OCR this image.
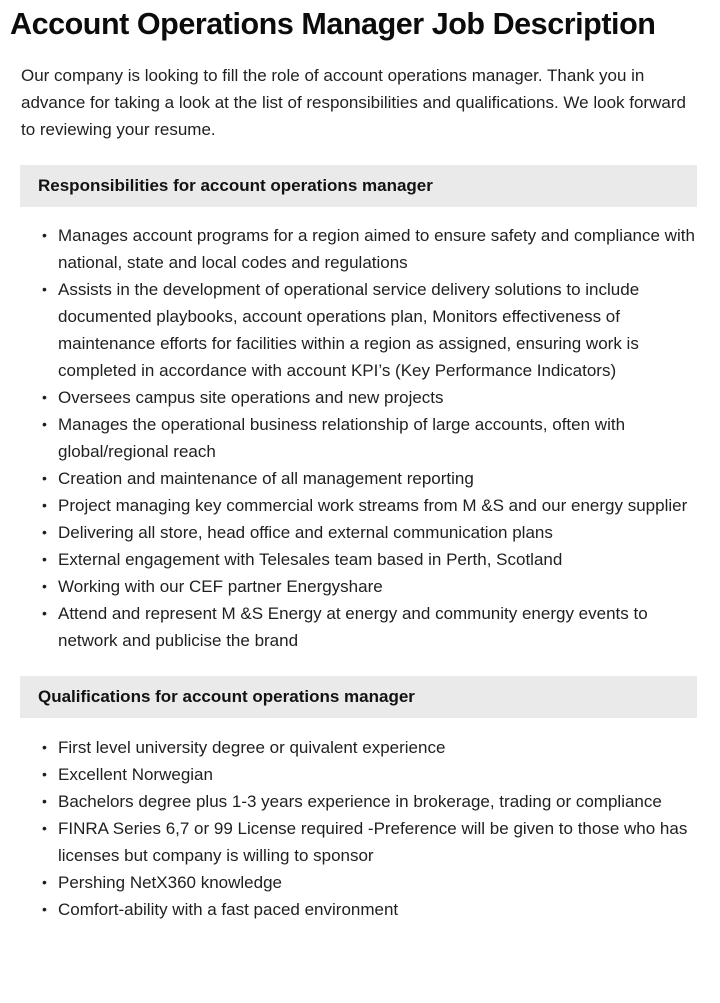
Account Operations Manager Job Description

Our company is looking to fill the role of account operations manager. Thank you in advance for taking a look at the list of responsibilities and qualifications. We look forward to reviewing your resume.

Responsibilities for account operations manager
• Manages account programs for a region aimed to ensure safety and compliance with national, state and local codes and regulations
• Assists in the development of operational service delivery solutions to include documented playbooks, account operations plan, Monitors effectiveness of maintenance efforts for facilities within a region as assigned, ensuring work is completed in accordance with account KPI’s (Key Performance Indicators)
• Oversees campus site operations and new projects
• Manages the operational business relationship of large accounts, often with global/regional reach
• Creation and maintenance of all management reporting
• Project managing key commercial work streams from M &S and our energy supplier
• Delivering all store, head office and external communication plans
• External engagement with Telesales team based in Perth, Scotland
• Working with our CEF partner Energyshare
• Attend and represent M &S Energy at energy and community energy events to network and publicise the brand
Qualifications for account operations manager
• First level university degree or quivalent experience
• Excellent Norwegian
• Bachelors degree plus 1-3 years experience in brokerage, trading or compliance
• FINRA Series 6,7 or 99 License required -Preference will be given to those who has licenses but company is willing to sponsor
• Pershing NetX360 knowledge
• Comfort-ability with a fast paced environment
